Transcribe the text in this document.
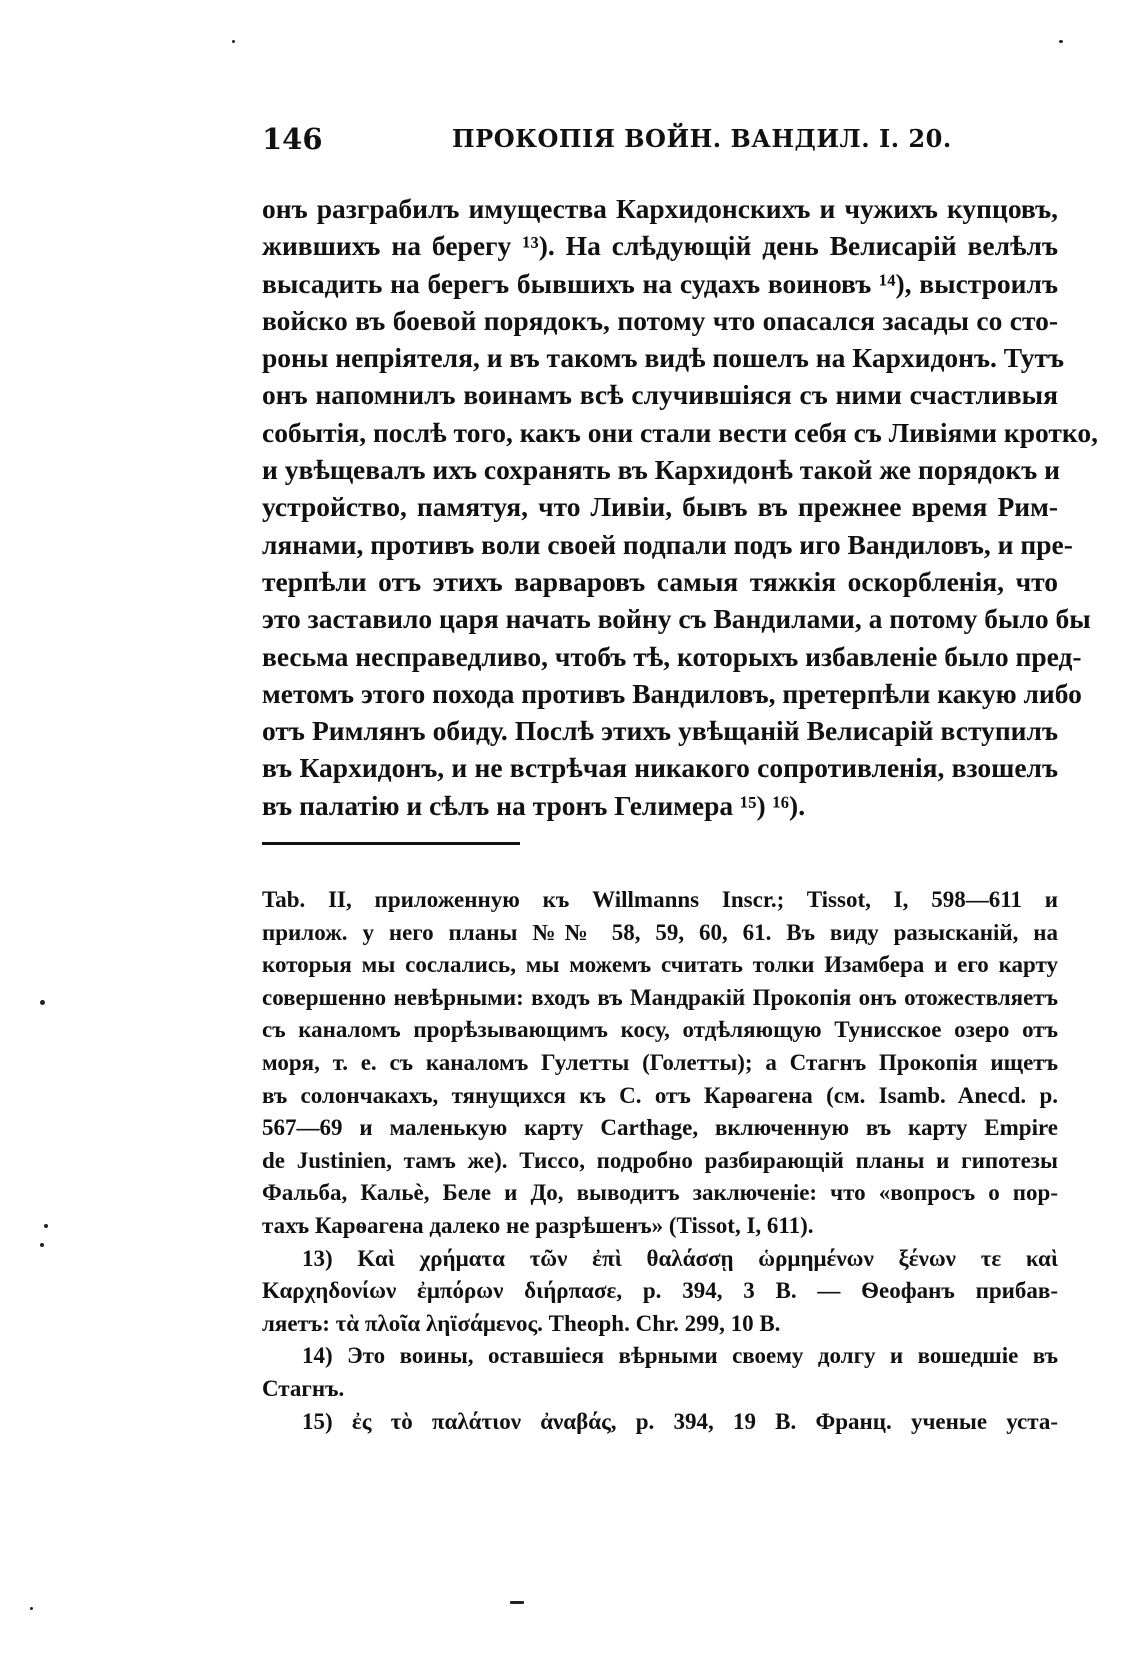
146	ПРОКОПІЯ ВОЙН. ВАНДИЛ. I. 20.
онъ разграбилъ имущества Кархидонскихъ и чужихъ купцовъ,
жившихъ на берегу ¹³). На слѣдующій день Велисарій велѣлъ
высадить на берегъ бывшихъ на судахъ воиновъ ¹⁴), выстроилъ
войско въ боевой порядокъ, потому что опасался засады со сто-
роны непріятеля, и въ такомъ видѣ пошелъ на Кархидонъ. Тутъ
онъ напомнилъ воинамъ всѣ случившіяся съ ними счастливыя
событія, послѣ того, какъ они стали вести себя съ Ливіями кротко,
и увѣщевалъ ихъ сохранять въ Кархидонѣ такой же порядокъ и
устройство, памятуя, что Ливіи, бывъ въ прежнее время Рим-
лянами, противъ воли своей подпали подъ иго Вандиловъ, и пре-
терпѣли отъ этихъ варваровъ самыя тяжкія оскорбленія, что
это заставило царя начать войну съ Вандилами, а потому было бы
весьма несправедливо, чтобъ тѣ, которыхъ избавленіе было пред-
метомъ этого похода противъ Вандиловъ, претерпѣли какую либо
отъ Римлянъ обиду. Послѣ этихъ увѣщаній Велисарій вступилъ
въ Кархидонъ, и не встрѣчая никакого сопротивленія, взошелъ
въ палатію и сѣлъ на тронъ Гелимера ¹⁵) ¹⁶).
Tab. II, приложенную къ Willmanns Inscr.; Tissot, I, 598—611 и
прилож. у него планы №№ 58, 59, 60, 61. Въ виду разысканій, на
которыя мы сослались, мы можемъ считать толки Изамбера и его карту
совершенно невѣрными: входъ въ Мандракій Прокопія онъ отожествляетъ
съ каналомъ прорѣзывающимъ косу, отдѣляющую Тунисское озеро отъ
моря, т. е. съ каналомъ Гулетты (Голетты); а Стагнъ Прокопія ищетъ
въ солончакахъ, тянущихся къ С. отъ Карѳагена (см. Isamb. Anecd. p.
567—69 и маленькую карту Carthage, включенную въ карту Empire
de Justinien, тамъ же). Тиссо, подробно разбирающій планы и гипотезы
Фальба, Кальѐ, Беле и До, выводитъ заключеніе: что «вопросъ о пор-
тахъ Карѳагена далеко не разрѣшенъ» (Tissot, I, 611).
13) Καὶ χρήματα τῶν ἐπὶ θαλάσσῃ ὡρμημένων ξένων τε καὶ
Καρχηδονίων ἐμπόρων διήρπασε, p. 394, 3 B. — Ѳеофанъ прибав-
ляетъ: τὰ πλοῖα ληϊσάμενος. Theoph. Chr. 299, 10 B.
14) Это воины, оставшіеся вѣрными своему долгу и вошедшіе въ
Стагнъ.
15) ἐς τὸ παλάτιον ἀναβάς, p. 394, 19 B. Франц. ученые уста-
